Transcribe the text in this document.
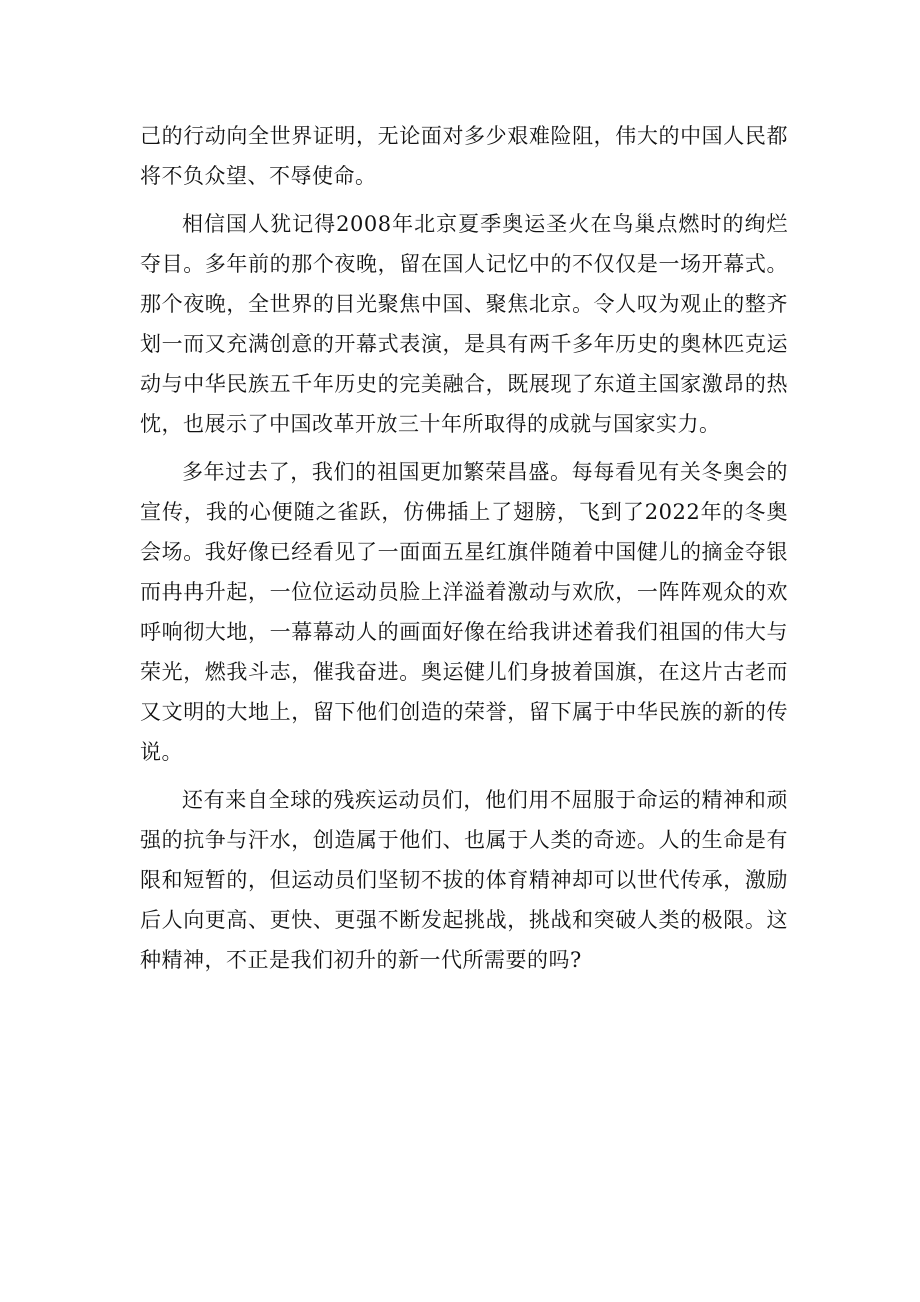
己的行动向全世界证明，无论面对多少艰难险阻，伟大的中国人民都将不负众望、不辱使命。

相信国人犹记得2008年北京夏季奥运圣火在鸟巢点燃时的绚烂夺目。多年前的那个夜晚，留在国人记忆中的不仅仅是一场开幕式。那个夜晚，全世界的目光聚焦中国、聚焦北京。令人叹为观止的整齐划一而又充满创意的开幕式表演，是具有两千多年历史的奥林匹克运动与中华民族五千年历史的完美融合，既展现了东道主国家激昂的热忱，也展示了中国改革开放三十年所取得的成就与国家实力。

多年过去了，我们的祖国更加繁荣昌盛。每每看见有关冬奥会的宣传，我的心便随之雀跃，仿佛插上了翅膀，飞到了2022年的冬奥会场。我好像已经看见了一面面五星红旗伴随着中国健儿的摘金夺银而冉冉升起，一位位运动员脸上洋溢着激动与欢欣，一阵阵观众的欢呼响彻大地，一幕幕动人的画面好像在给我讲述着我们祖国的伟大与荣光，燃我斗志，催我奋进。奥运健儿们身披着国旗，在这片古老而又文明的大地上，留下他们创造的荣誉，留下属于中华民族的新的传说。

还有来自全球的残疾运动员们，他们用不屈服于命运的精神和顽强的抗争与汗水，创造属于他们、也属于人类的奇迹。人的生命是有限和短暂的，但运动员们坚韧不拔的体育精神却可以世代传承，激励后人向更高、更快、更强不断发起挑战，挑战和突破人类的极限。这种精神，不正是我们初升的新一代所需要的吗?
